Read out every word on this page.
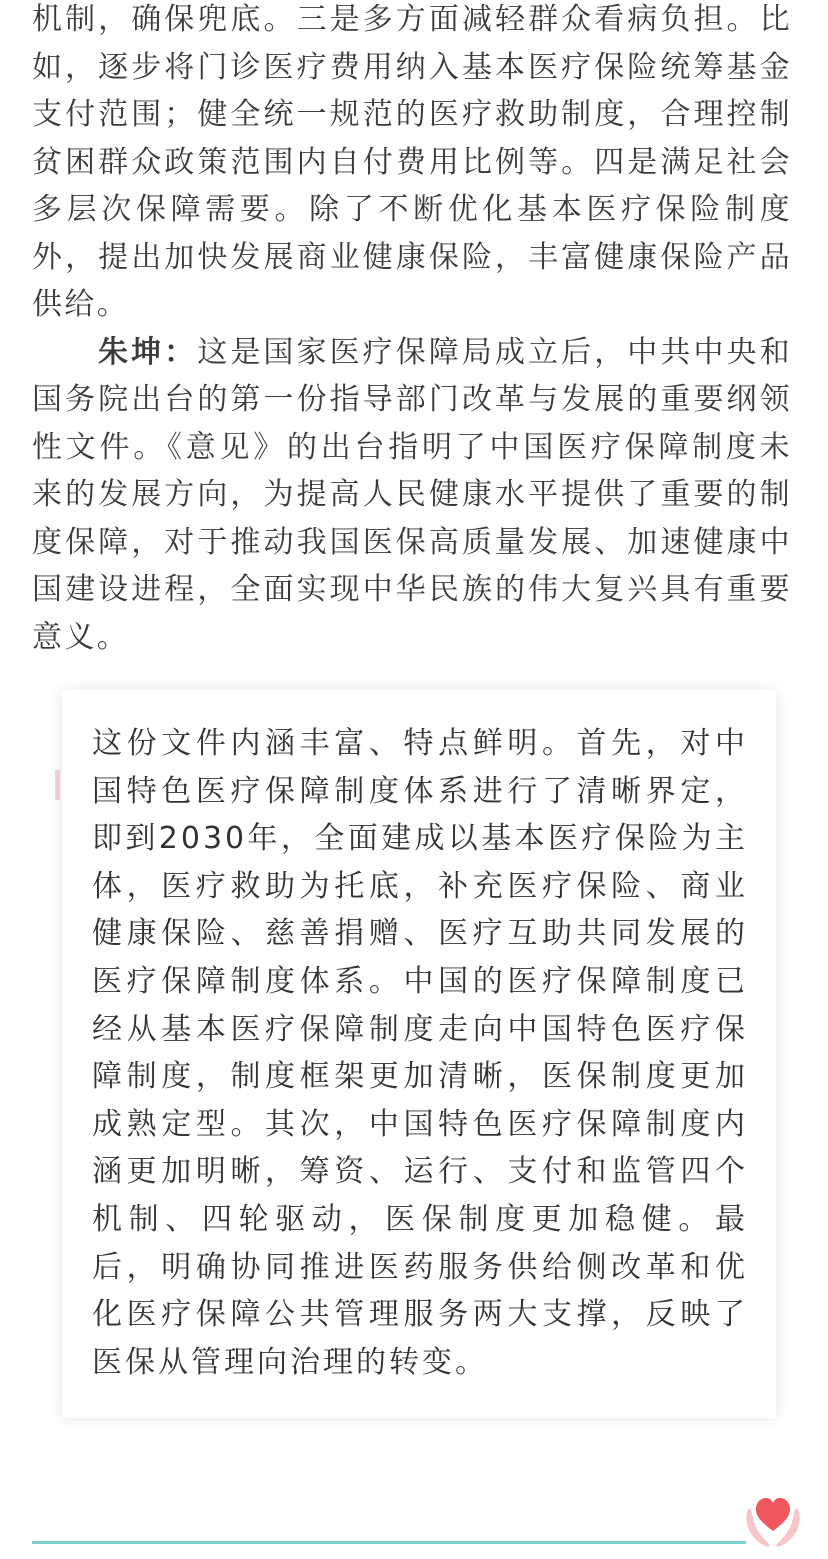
机制，确保兜底。三是多方面减轻群众看病负担。比如，逐步将门诊医疗费用纳入基本医疗保险统筹基金支付范围；健全统一规范的医疗救助制度，合理控制贫困群众政策范围内自付费用比例等。四是满足社会多层次保障需要。除了不断优化基本医疗保险制度外，提出加快发展商业健康保险，丰富健康保险产品供给。

朱坤：这是国家医疗保障局成立后，中共中央和国务院出台的第一份指导部门改革与发展的重要纲领性文件。《意见》的出台指明了中国医疗保障制度未来的发展方向，为提高人民健康水平提供了重要的制度保障，对于推动我国医保高质量发展、加速健康中国建设进程，全面实现中华民族的伟大复兴具有重要意义。

这份文件内涵丰富、特点鲜明。首先，对中国特色医疗保障制度体系进行了清晰界定，即到2030年，全面建成以基本医疗保险为主体，医疗救助为托底，补充医疗保险、商业健康保险、慈善捐赠、医疗互助共同发展的医疗保障制度体系。中国的医疗保障制度已经从基本医疗保障制度走向中国特色医疗保障制度，制度框架更加清晰，医保制度更加成熟定型。其次，中国特色医疗保障制度内涵更加明晰，筹资、运行、支付和监管四个机制、四轮驱动，医保制度更加稳健。最后，明确协同推进医药服务供给侧改革和优化医疗保障公共管理服务两大支撑，反映了医保从管理向治理的转变。
